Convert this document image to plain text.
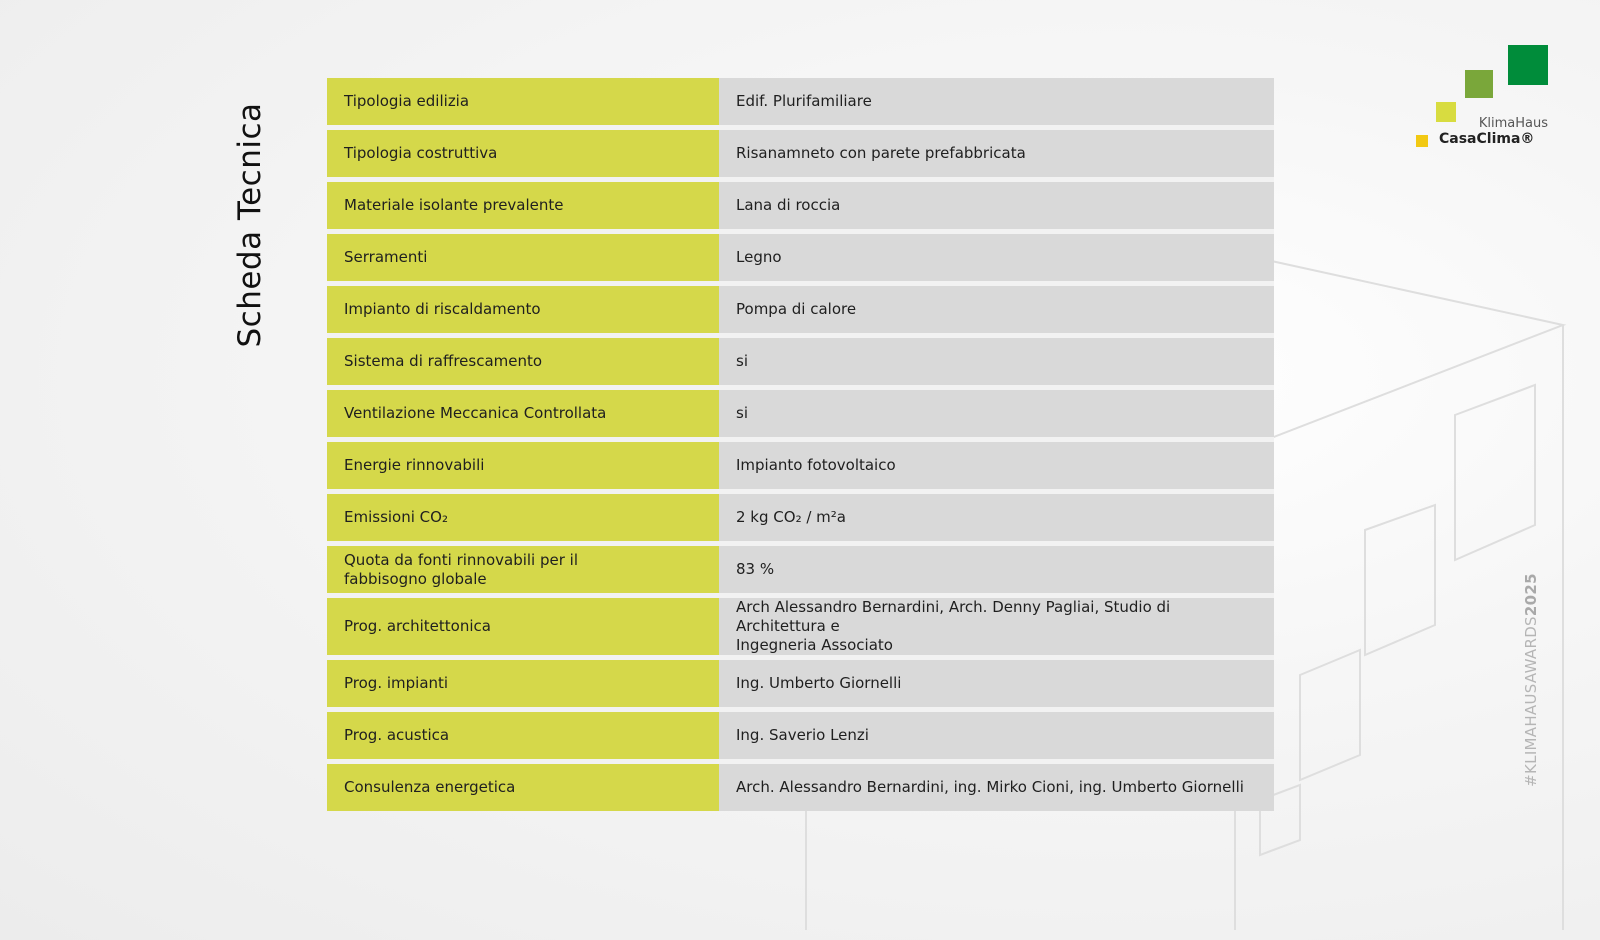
Scheda Tecnica
Tipologia edilizia	Edif. Plurifamiliare
Tipologia costruttiva	Risanamneto con parete prefabbricata
Materiale isolante prevalente	Lana di roccia
Serramenti	Legno
Impianto di riscaldamento	Pompa di calore
Sistema di raffrescamento	si
Ventilazione Meccanica Controllata	si
Energie rinnovabili	Impianto fotovoltaico
Emissioni CO₂	2 kg CO₂ / m²a
Quota da fonti rinnovabili per il
fabbisogno globale	83 %
Prog. architettonica	Arch Alessandro Bernardini, Arch. Denny Pagliai, Studio di Architettura e
Ingegneria Associato
Prog. impianti	Ing. Umberto Giornelli
Prog. acustica	Ing. Saverio Lenzi
Consulenza energetica	Arch. Alessandro Bernardini, ing. Mirko Cioni, ing. Umberto Giornelli
KlimaHaus
CasaClima®
#KLIMAHAUSAWARDS2025
